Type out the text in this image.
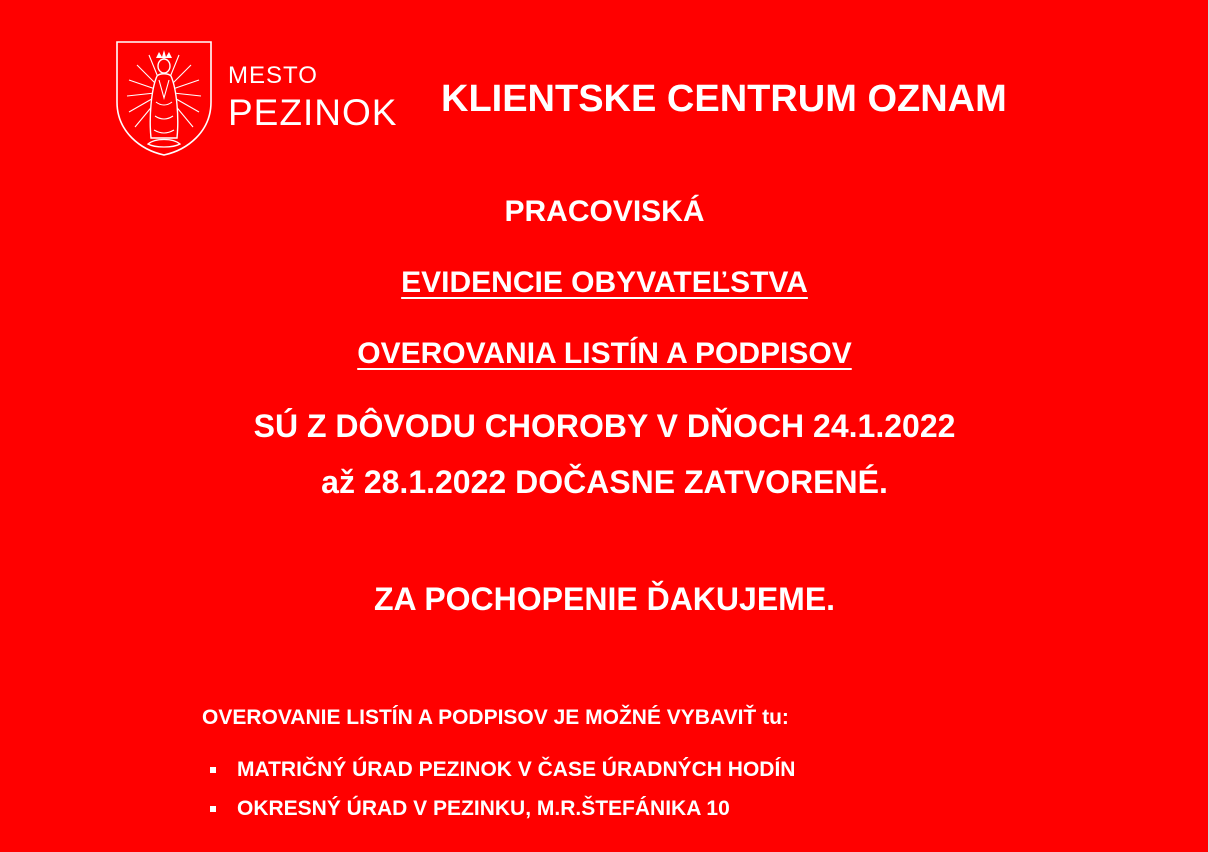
MESTO
PEZINOK KLIENTSKE CENTRUM OZNAM
PRACOVISKÁ
EVIDENCIE OBYVATEĽSTVA
OVEROVANIA LISTÍN A PODPISOV
SÚ Z DÔVODU CHOROBY V DŇOCH 24.1.2022
až 28.1.2022 DOČASNE ZATVORENÉ.
ZA POCHOPENIE ĎAKUJEME.
OVEROVANIE LISTÍN A PODPISOV JE MOŽNÉ VYBAVIŤ tu:
MATRIČNÝ ÚRAD PEZINOK V ČASE ÚRADNÝCH HODÍN
OKRESNÝ ÚRAD V PEZINKU, M.R.ŠTEFÁNIKA 10
